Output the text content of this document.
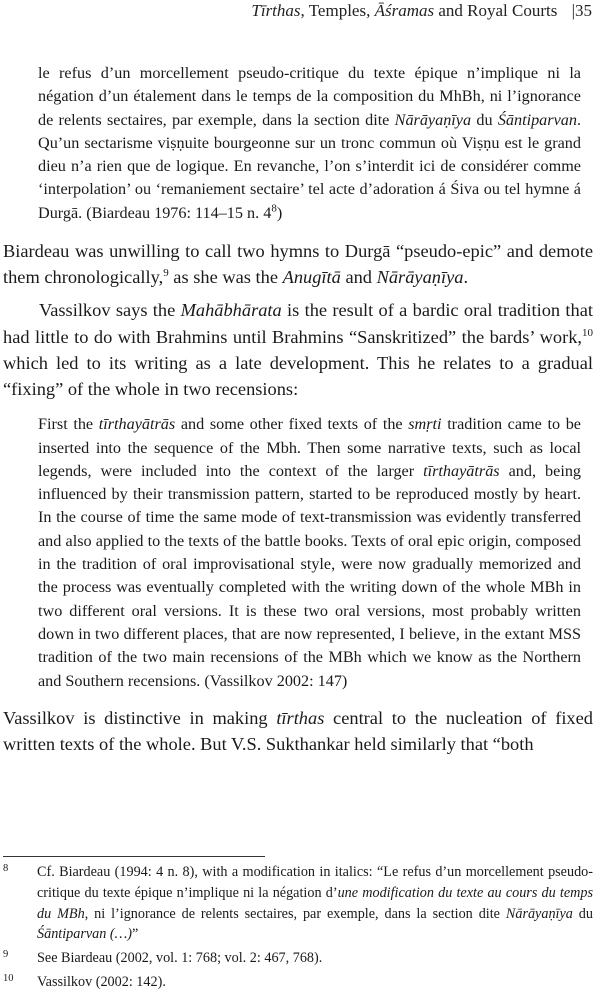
Tīrthas, Temples, Āśramas and Royal Courts |35

le refus d’un morcellement pseudo-critique du texte épique n’implique ni la négation d’un étalement dans le temps de la composition du MhBh, ni l’ignorance de relents sectaires, par exemple, dans la section dite Nārāyaṇīya du Śāntiparvan. Qu’un sectarisme viṣṇuite bourgeonne sur un tronc commun où Viṣṇu est le grand dieu n’a rien que de logique. En revanche, l’on s’interdit ici de considérer comme ‘interpolation’ ou ‘remaniement sectaire’ tel acte d’adoration á Śiva ou tel hymne á Durgā. (Biardeau 1976: 114–15 n. 4$^8$)

Biardeau was unwilling to call two hymns to Durgā “pseudo-epic” and demote them chronologically,$^9$ as she was the Anugītā and Nārāyaṇīya.

Vassilkov says the Mahābhārata is the result of a bardic oral tradition that had little to do with Brahmins until Brahmins “Sanskritized” the bards’ work,$^{10}$ which led to its writing as a late development. This he relates to a gradual “fixing” of the whole in two recensions:

First the tīrthayātrās and some other fixed texts of the smṛti tradition came to be inserted into the sequence of the Mbh. Then some narrative texts, such as local legends, were included into the context of the larger tīrthayātrās and, being influenced by their transmission pattern, started to be reproduced mostly by heart. In the course of time the same mode of text-transmission was evidently transferred and also applied to the texts of the battle books. Texts of oral epic origin, composed in the tradition of oral improvisational style, were now gradually memorized and the process was eventually completed with the writing down of the whole MBh in two different oral versions. It is these two oral versions, most probably written down in two different places, that are now represented, I believe, in the extant MSS tradition of the two main recensions of the MBh which we know as the Northern and Southern recensions. (Vassilkov 2002: 147)

Vassilkov is distinctive in making tīrthas central to the nucleation of fixed written texts of the whole. But V.S. Sukthankar held similarly that “both

8 Cf. Biardeau (1994: 4 n. 8), with a modification in italics: “Le refus d’un morcellement pseudo-critique du texte épique n’implique ni la négation d’une modification du texte au cours du temps du MBh, ni l’ignorance de relents sectaires, par exemple, dans la section dite Nārāyaṇīya du Śāntiparvan (…)”

9 See Biardeau (2002, vol. 1: 768; vol. 2: 467, 768).

10 Vassilkov (2002: 142).
